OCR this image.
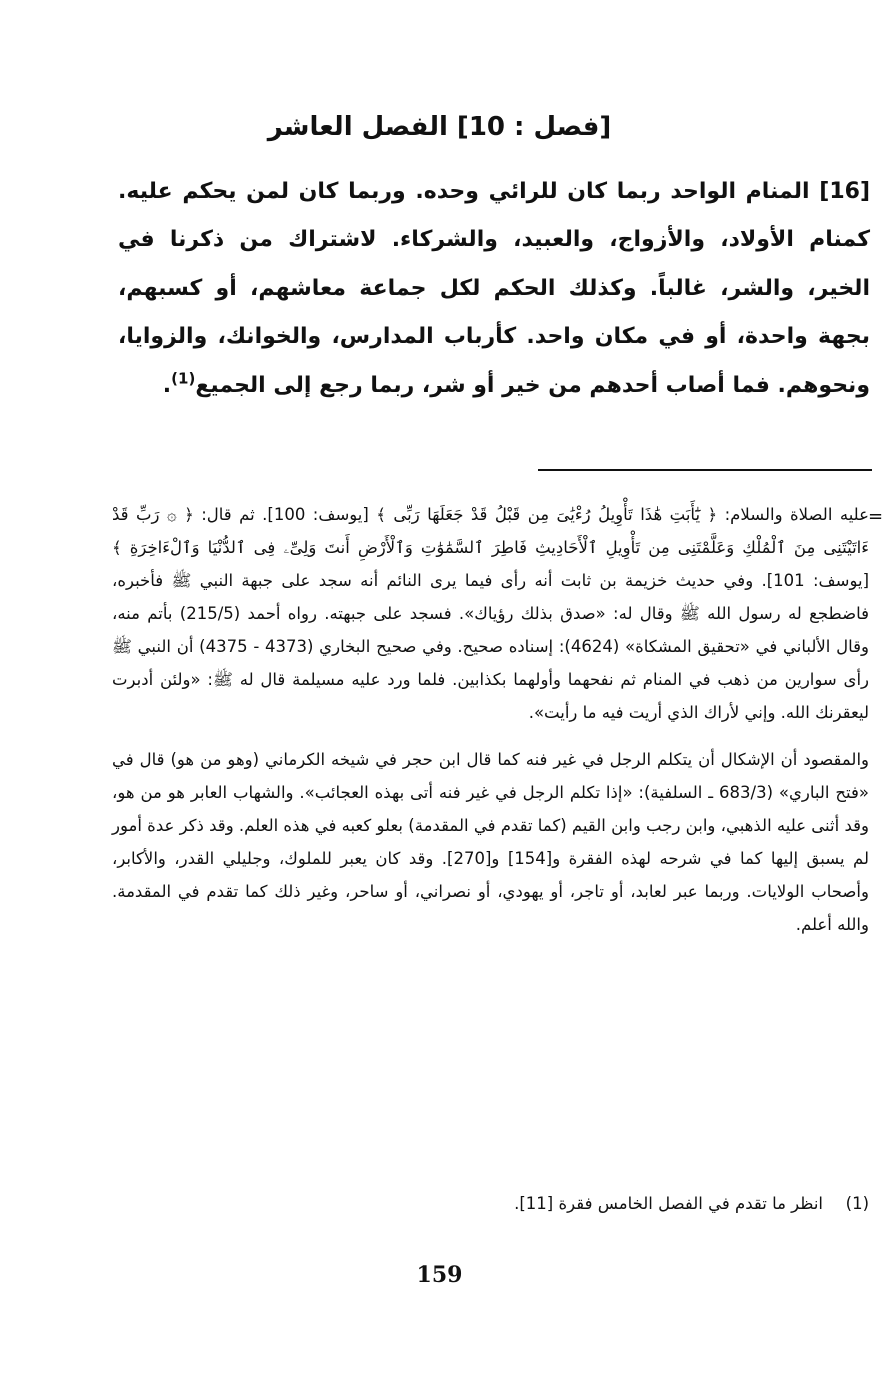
[فصل : 10] الفصل العاشر
[16] المنام الواحد ربما كان للرائي وحده. وربما كان لمن يحكم عليه. كمنام الأولاد، والأزواج، والعبيد، والشركاء. لاشتراك من ذكرنا في الخير، والشر، غالباً. وكذلك الحكم لكل جماعة معاشهم، أو كسبهم، بجهة واحدة، أو في مكان واحد. كأرباب المدارس، والخوانك، والزوايا، ونحوهم. فما أصاب أحدهم من خير أو شر، ربما رجع إلى الجميع$^{(1)}$.
=

عليه الصلاة والسلام: ﴿ يَٰٓأَبَتِ هَٰذَا تَأْوِيلُ رُءْيَٰىَ مِن قَبْلُ قَدْ جَعَلَهَا رَبِّى ﴾ [يوسف: 100]. ثم قال: ﴿ ۞ رَبِّ قَدْ ءَاتَيْتَنِى مِنَ ٱلْمُلْكِ وَعَلَّمْتَنِى مِن تَأْوِيلِ ٱلْأَحَادِيثِ فَاطِرَ ٱلسَّمَٰوَٰتِ وَٱلْأَرْضِ أَنتَ وَلِىِّۦ فِى ٱلدُّنْيَا وَٱلْءَاخِرَةِ ﴾ [يوسف: 101]. وفي حديث خزيمة بن ثابت أنه رأى فيما يرى النائم أنه سجد على جبهة النبي ﷺ فأخبره، فاضطجع له رسول الله ﷺ وقال له: «صدق بذلك رؤياك». فسجد على جبهته. رواه أحمد (215/5) بأتم منه، وقال الألباني في «تحقيق المشكاة» (4624): إسناده صحيح. وفي صحيح البخاري (4373 - 4375) أن النبي ﷺ رأى سوارين من ذهب في المنام ثم نفحهما وأولهما بكذابين. فلما ورد عليه مسيلمة قال له ﷺ: «ولئن أدبرت ليعقرنك الله. وإني لأراك الذي أريت فيه ما رأيت».

والمقصود أن الإشكال أن يتكلم الرجل في غير فنه كما قال ابن حجر في شيخه الكرماني (وهو من هو) قال في «فتح الباري» (683/3 ـ السلفية): «إذا تكلم الرجل في غير فنه أتى بهذه العجائب». والشهاب العابر هو من هو، وقد أثنى عليه الذهبي، وابن رجب وابن القيم (كما تقدم في المقدمة) بعلو كعبه في هذه العلم. وقد ذكر عدة أمور لم يسبق إليها كما في شرحه لهذه الفقرة و[154] و[270]. وقد كان يعبر للملوك، وجليلي القدر، والأكابر، وأصحاب الولايات. وربما عبر لعابد، أو تاجر، أو يهودي، أو نصراني، أو ساحر، وغير ذلك كما تقدم في المقدمة. والله أعلم.

(1)انظر ما تقدم في الفصل الخامس فقرة [11].
159
